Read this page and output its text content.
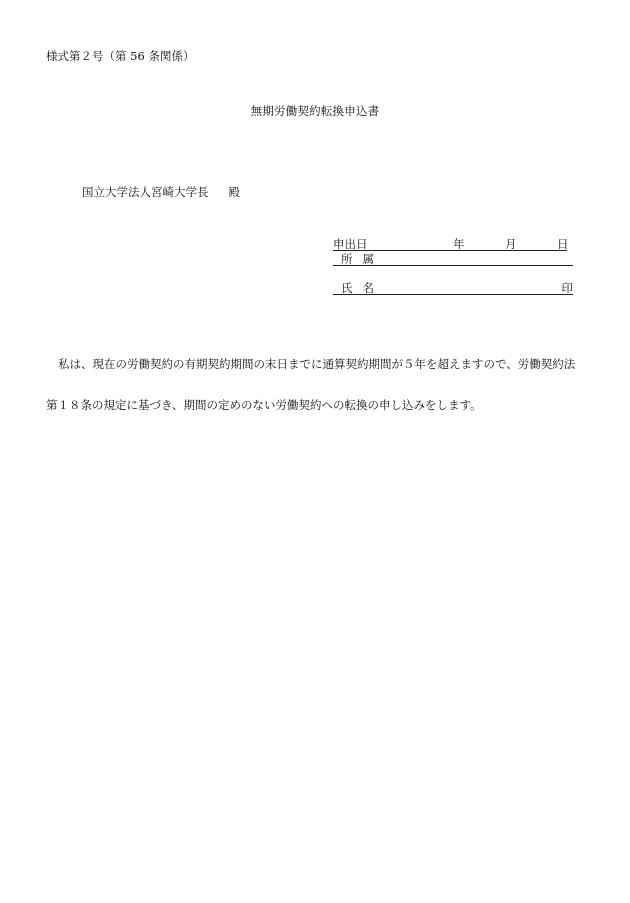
様式第２号（第 56 条関係）
無期労働契約転換申込書
国立大学法人宮崎大学長 殿
申出日	年	月	日
所属
氏名	印

私は、現在の労働契約の有期契約期間の末日までに通算契約期間が５年を超えますので、労働契約法第１８条の規定に基づき、期間の定めのない労働契約への転換の申し込みをします。
